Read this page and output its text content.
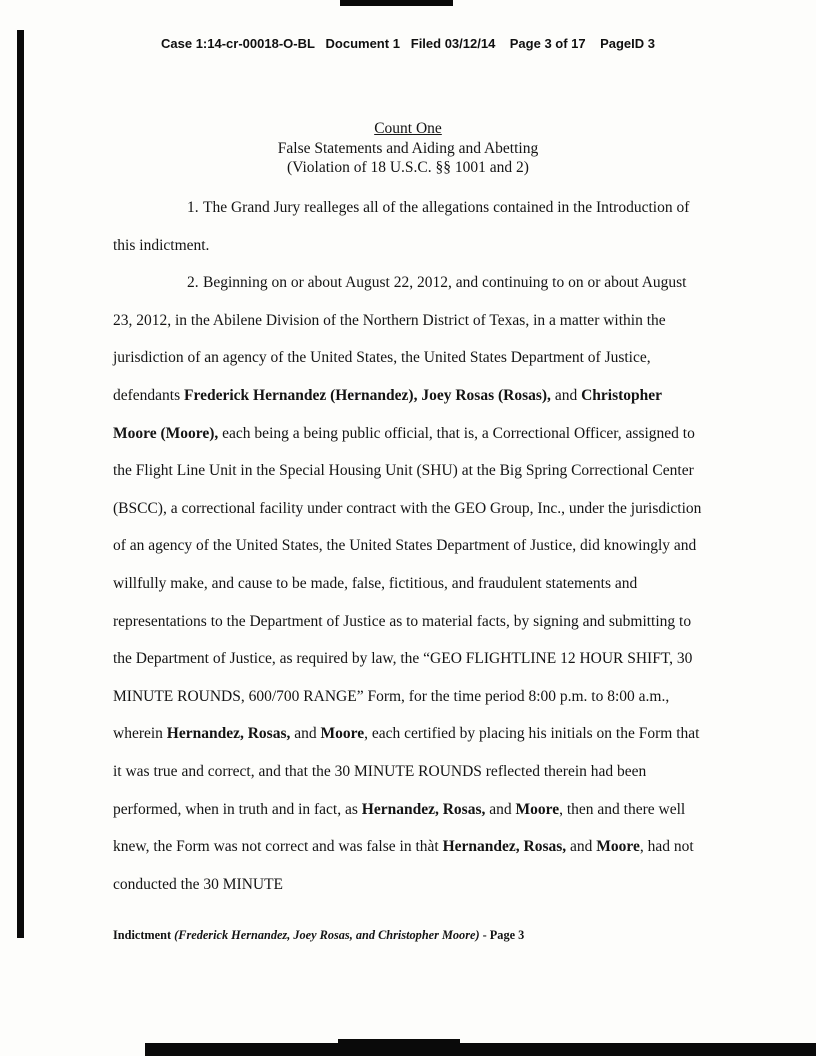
Case 1:14-cr-00018-O-BL   Document 1   Filed 03/12/14    Page 3 of 17    PageID 3
Count One
False Statements and Aiding and Abetting
(Violation of 18 U.S.C. §§ 1001 and 2)
1. The Grand Jury realleges all of the allegations contained in the Introduction of this indictment.
2. Beginning on or about August 22, 2012, and continuing to on or about August 23, 2012, in the Abilene Division of the Northern District of Texas, in a matter within the jurisdiction of an agency of the United States, the United States Department of Justice, defendants Frederick Hernandez (Hernandez), Joey Rosas (Rosas), and Christopher Moore (Moore), each being a being public official, that is, a Correctional Officer, assigned to the Flight Line Unit in the Special Housing Unit (SHU) at the Big Spring Correctional Center (BSCC), a correctional facility under contract with the GEO Group, Inc., under the jurisdiction of an agency of the United States, the United States Department of Justice, did knowingly and willfully make, and cause to be made, false, fictitious, and fraudulent statements and representations to the Department of Justice as to material facts, by signing and submitting to the Department of Justice, as required by law, the “GEO FLIGHTLINE 12 HOUR SHIFT, 30 MINUTE ROUNDS, 600/700 RANGE” Form, for the time period 8:00 p.m. to 8:00 a.m., wherein Hernandez, Rosas, and Moore, each certified by placing his initials on the Form that it was true and correct, and that the 30 MINUTE ROUNDS reflected therein had been performed, when in truth and in fact, as Hernandez, Rosas, and Moore, then and there well knew, the Form was not correct and was false in thàt Hernandez, Rosas, and Moore, had not conducted the 30 MINUTE
Indictment (Frederick Hernandez, Joey Rosas, and Christopher Moore) - Page 3
